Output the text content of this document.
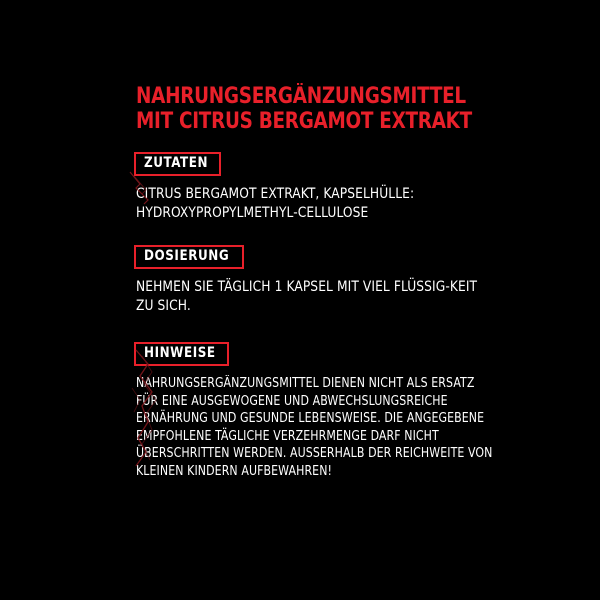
NAHRUNGSERGÄNZUNGSMITTEL
MIT CITRUS BERGAMOT EXTRAKT
ZUTATEN
CITRUS BERGAMOT EXTRAKT, KAPSELHÜLLE: HYDROXYPROPYLMETHYL-CELLULOSE
DOSIERUNG
NEHMEN SIE TÄGLICH 1 KAPSEL MIT VIEL FLÜSSIG-KEIT ZU SICH.
HINWEISE
NAHRUNGSERGÄNZUNGSMITTEL DIENEN NICHT ALS ERSATZ FÜR EINE AUSGEWOGENE UND ABWECHSLUNGSREICHE ERNÄHRUNG UND GESUNDE LEBENSWEISE. DIE ANGEGEBENE EMPFOHLENE TÄGLICHE VERZEHRMENGE DARF NICHT ÜBERSCHRITTEN WERDEN. AUSSERHALB DER REICHWEITE VON KLEINEN KINDERN AUFBEWAHREN!
